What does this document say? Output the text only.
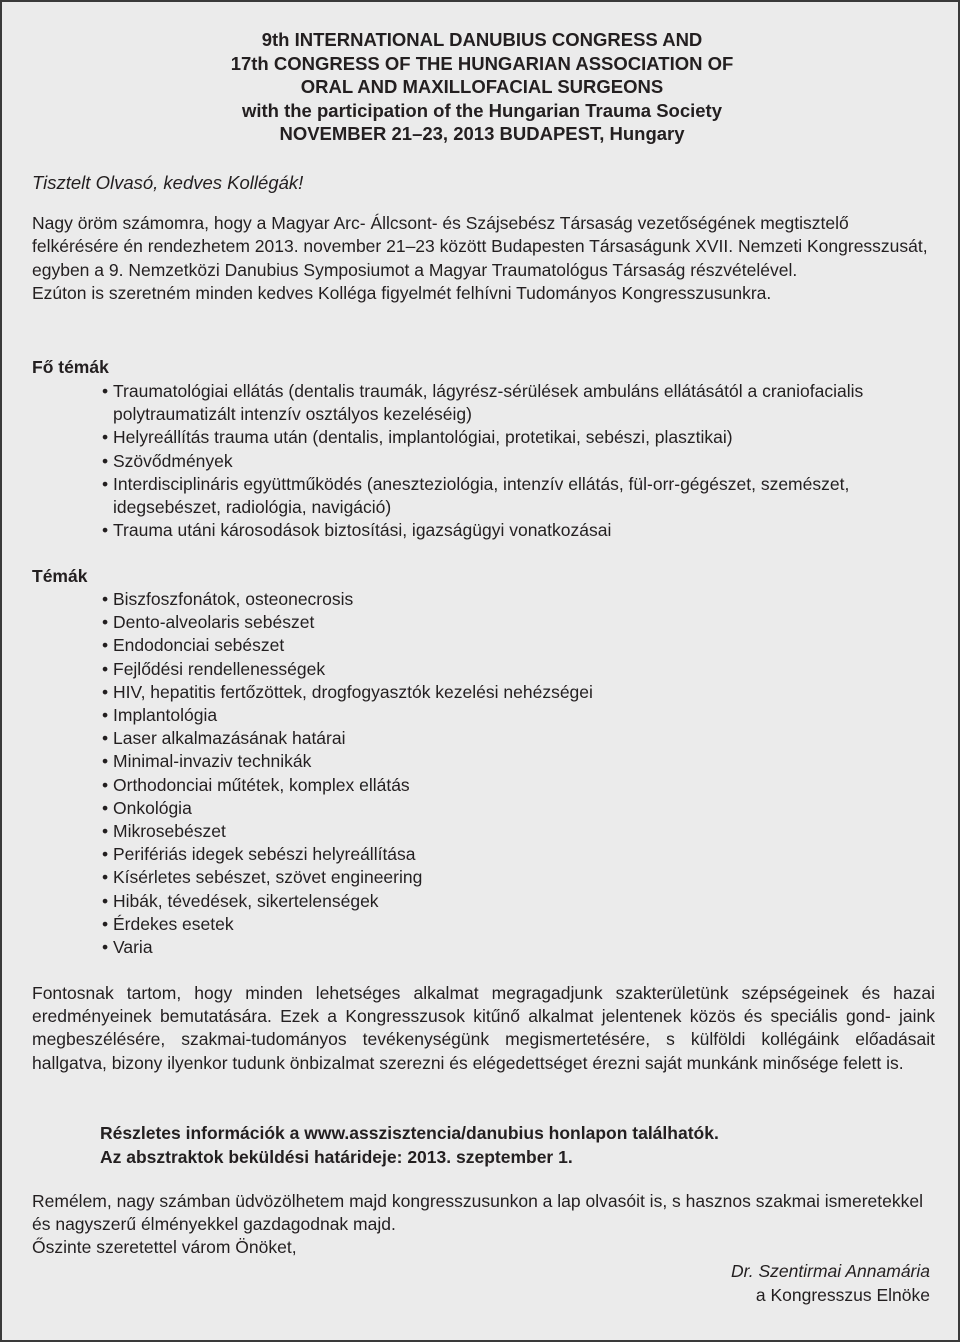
9th INTERNATIONAL DANUBIUS CONGRESS AND
17th CONGRESS OF THE HUNGARIAN ASSOCIATION OF
ORAL AND MAXILLOFACIAL SURGEONS
with the participation of the Hungarian Trauma Society
NOVEMBER 21–23, 2013 BUDAPEST, Hungary
Tisztelt Olvasó, kedves Kollégák!

Nagy öröm számomra, hogy a Magyar Arc- Állcsont- és Szájsebész Társaság vezetőségének megtisztelő felkérésére én rendezhetem 2013. november 21–23 között Budapesten Társaságunk XVII. Nemzeti Kongresszusát, egyben a 9. Nemzetközi Danubius Symposiumot a Magyar Traumatológus Társaság részvételével.

Ezúton is szeretném minden kedves Kolléga figyelmét felhívni Tudományos Kongresszusunkra.

Fő témák
• Traumatológiai ellátás (dentalis traumák, lágyrész-sérülések ambuláns ellátásától a craniofacialis polytraumatizált intenzív osztályos kezeléséig)
• Helyreállítás trauma után (dentalis, implantológiai, protetikai, sebészi, plasztikai)
• Szövődmények
• Interdisciplináris együttműködés (aneszteziológia, intenzív ellátás, fül-orr-gégészet, szemészet, idegsebészet, radiológia, navigáció)
• Trauma utáni károsodások biztosítási, igazságügyi vonatkozásai
Témák
• Biszfoszfonátok, osteonecrosis
• Dento-alveolaris sebészet
• Endodonciai sebészet
• Fejlődési rendellenességek
• HIV, hepatitis fertőzöttek, drogfogyasztók kezelési nehézségei
• Implantológia
• Laser alkalmazásának határai
• Minimal-invaziv technikák
• Orthodonciai műtétek, komplex ellátás
• Onkológia
• Mikrosebészet
• Perifériás idegek sebészi helyreállítása
• Kísérletes sebészet, szövet engineering
• Hibák, tévedések, sikertelenségek
• Érdekes esetek
• Varia

Fontosnak tartom, hogy minden lehetséges alkalmat megragadjunk szakterületünk szépségeinek és hazai eredményeinek bemutatására. Ezek a Kongresszusok kitűnő alkalmat jelentenek közös és speciális gond- jaink megbeszélésére, szakmai-tudományos tevékenységünk megismertetésére, s külföldi kollégáink előadásait hallgatva, bizony ilyenkor tudunk önbizalmat szerezni és elégedettséget érezni saját munkánk minősége felett is.

Részletes információk a www.asszisztencia/danubius honlapon találhatók.
Az absztraktok beküldési határideje: 2013. szeptember 1.

Remélem, nagy számban üdvözölhetem majd kongresszusunkon a lap olvasóit is, s hasznos szakmai ismeretekkel és nagyszerű élményekkel gazdagodnak majd.

Őszinte szeretettel várom Önöket,

Dr. Szentirmai Annamária
a Kongresszus Elnöke
